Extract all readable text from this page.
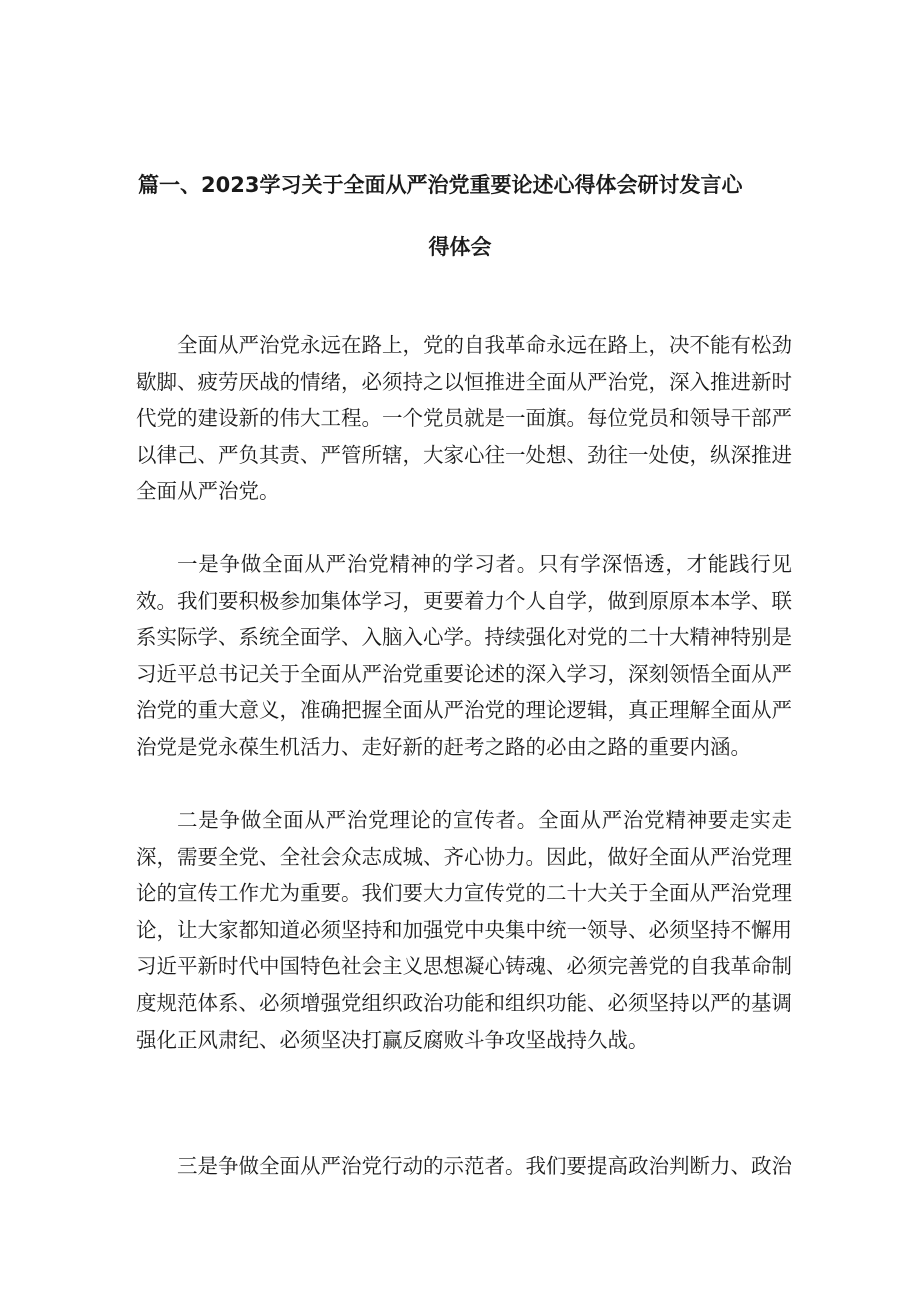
篇一、2023学习关于全面从严治党重要论述心得体会研讨发言心
得体会

全面从严治党永远在路上，党的自我革命永远在路上，决不能有松劲歇脚、疲劳厌战的情绪，必须持之以恒推进全面从严治党，深入推进新时代党的建设新的伟大工程。一个党员就是一面旗。每位党员和领导干部严以律己、严负其责、严管所辖，大家心往一处想、劲往一处使，纵深推进全面从严治党。

一是争做全面从严治党精神的学习者。只有学深悟透，才能践行见效。我们要积极参加集体学习，更要着力个人自学，做到原原本本学、联系实际学、系统全面学、入脑入心学。持续强化对党的二十大精神特别是习近平总书记关于全面从严治党重要论述的深入学习，深刻领悟全面从严治党的重大意义，准确把握全面从严治党的理论逻辑，真正理解全面从严治党是党永葆生机活力、走好新的赶考之路的必由之路的重要内涵。

二是争做全面从严治党理论的宣传者。全面从严治党精神要走实走深，需要全党、全社会众志成城、齐心协力。因此，做好全面从严治党理论的宣传工作尤为重要。我们要大力宣传党的二十大关于全面从严治党理论，让大家都知道必须坚持和加强党中央集中统一领导、必须坚持不懈用习近平新时代中国特色社会主义思想凝心铸魂、必须完善党的自我革命制度规范体系、必须增强党组织政治功能和组织功能、必须坚持以严的基调强化正风肃纪、必须坚决打赢反腐败斗争攻坚战持久战。

三是争做全面从严治党行动的示范者。我们要提高政治判断力、政治
